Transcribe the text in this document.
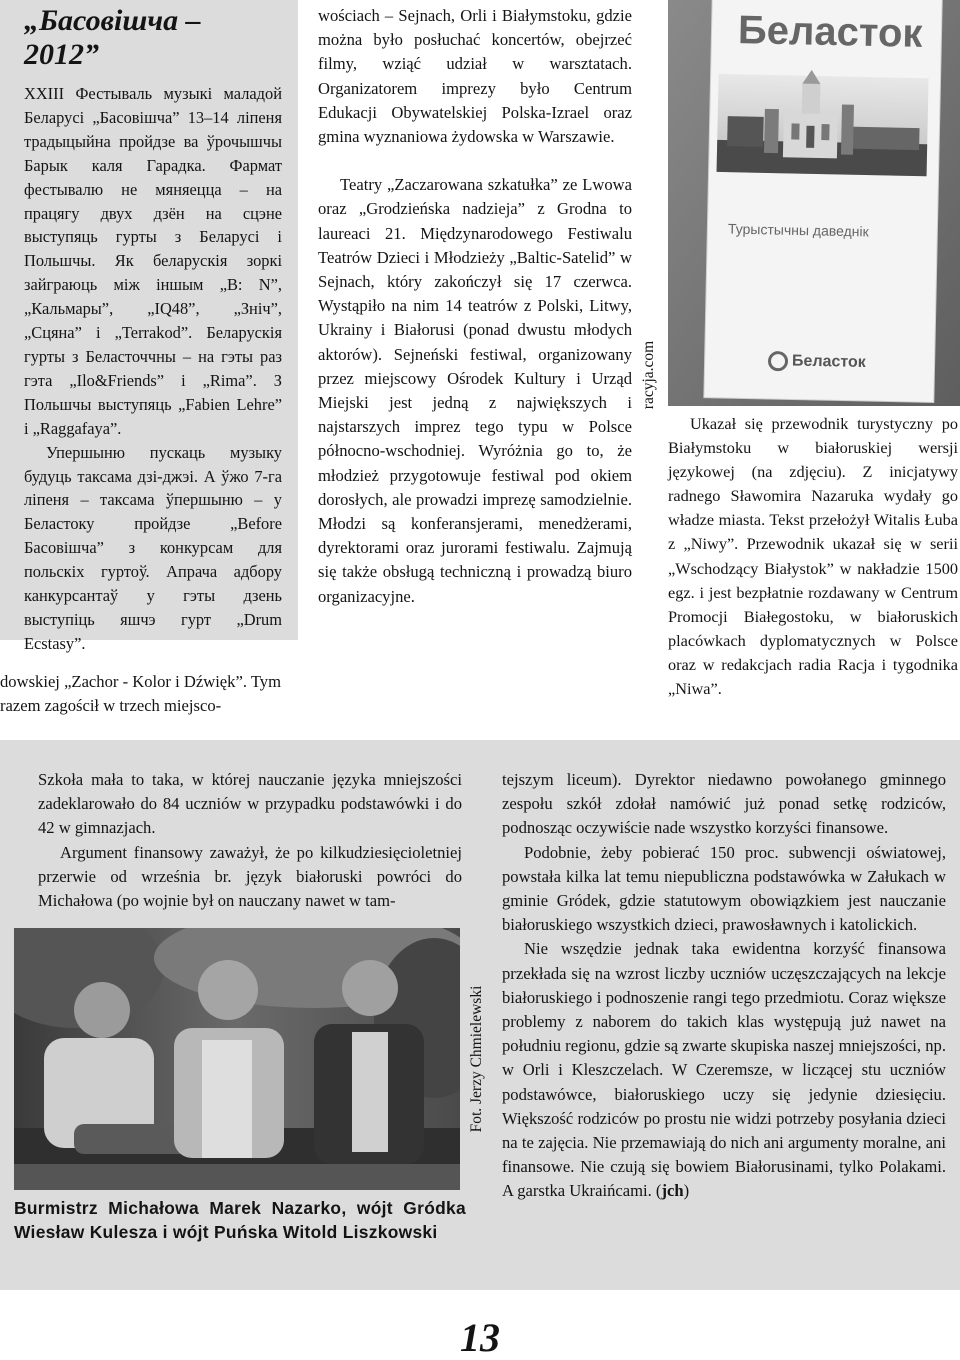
„Басовішча – 2012”

XXIII Фестываль музыкі маладой Беларусі „Басовішча” 13–14 ліпеня традыцыйна пройдзе ва ўрочышчы Барык каля Гарадка. Фармат фестывалю не мяняецца – на працягу двух дзён на сцэне выступяць гурты з Беларусі і Польшчы. Як беларускія зоркі зайграюць між іншым „B: N”, „Кальмары”, „IQ48”, „Зніч”, „Сцяна” і „Terrakod”. Беларускія гурты з Беласточчны – на гэты раз гэта „Ilo&Friends” і „Rima”. З Польшчы выступяць „Fabien Lehre” і „Raggafaya”.

Упершыню пускаць музыку будуць таксама дзі-джэі. А ўжо 7-га ліпеня – таксама ўпершыню – у Беластоку пройдзе „Before Басовішча” з конкурсам для польскіх гуртоў. Апрача адбору канкурсантаў у гэты дзень выступіць яшчэ гурт „Drum Ecstasy”.

dowskiej „Zachor - Kolor i Dźwięk”. Tym razem zagościł w trzech miejsco-

wościach – Sejnach, Orli i Białymstoku, gdzie można było posłuchać koncertów, obejrzeć filmy, wziąć udział w warsztatach. Organizatorem imprezy było Centrum Edukacji Obywatelskiej Polska-Izrael oraz gmina wyznaniowa żydowska w Warszawie.

Teatry „Zaczarowana szkatułka” ze Lwowa oraz „Grodzieńska nadzieja” z Grodna to laureaci 21. Międzynarodowego Festiwalu Teatrów Dzieci i Młodzieży „Baltic-Satelid” w Sejnach, który zakończył się 17 czerwca. Wystąpiło na nim 14 teatrów z Polski, Litwy, Ukrainy i Białorusi (ponad dwustu młodych aktorów). Sejneński festiwal, organizowany przez miejscowy Ośrodek Kultury i Urząd Miejski jest jedną z największych i najstarszych imprez tego typu w Polsce północno-wschodniej. Wyróżnia go to, że młodzież przygotowuje festiwal pod okiem dorosłych, ale prowadzi imprezę samodzielnie. Młodzi są konferansjerami, menedżerami, dyrektorami oraz jurorami festiwalu. Zajmują się także obsługą techniczną i prowadzą biuro organizacyjne.

Беласток
Турыстычны даведнік
Беласток
racyja.com

Ukazał się przewodnik turystyczny po Białymstoku w białoruskiej wersji językowej (na zdjęciu). Z inicjatywy radnego Sławomira Nazaruka wydały go władze miasta. Tekst przełożył Witalis Łuba z „Niwy”. Przewodnik ukazał się w serii „Wschodzący Białystok” w nakładzie 1500 egz. i jest bezpłatnie rozdawany w Centrum Promocji Białegostoku, w białoruskich placówkach dyplomatycznych w Polsce oraz w redakcjach radia Racja i tygodnika „Niwa”.

Szkoła mała to taka, w której nauczanie języka mniejszości zadeklarowało do 84 uczniów w przypadku podstawówki i do 42 w gimnazjach.

Argument finansowy zaważył, że po kilkudziesięcioletniej przerwie od września br. język białoruski powróci do Michałowa (po wojnie był on nauczany nawet w tam-

Fot. Jerzy Chmielewski

Burmistrz Michałowa Marek Nazarko, wójt Gródka Wiesław Kulesza i wójt Puńska Witold Liszkowski

tejszym liceum). Dyrektor niedawno powołanego gminnego zespołu szkół zdołał namówić już ponad setkę rodziców, podnosząc oczywiście nade wszystko korzyści finansowe.

Podobnie, żeby pobierać 150 proc. subwencji oświatowej, powstała kilka lat temu niepubliczna podstawówka w Załukach w gminie Gródek, gdzie statutowym obowiązkiem jest nauczanie białoruskiego wszystkich dzieci, prawosławnych i katolickich.

Nie wszędzie jednak taka ewidentna korzyść finansowa przekłada się na wzrost liczby uczniów uczęszczających na lekcje białoruskiego i podnoszenie rangi tego przedmiotu. Coraz większe problemy z naborem do takich klas występują już nawet na południu regionu, gdzie są zwarte skupiska naszej mniejszości, np. w Orli i Kleszczelach. W Czeremsze, w liczącej stu uczniów podstawówce, białoruskiego uczy się jedynie dziesięciu. Większość rodziców po prostu nie widzi potrzeby posyłania dzieci na te zajęcia. Nie przemawiają do nich ani argumenty moralne, ani finansowe. Nie czują się bowiem Białorusinami, tylko Polakami. A garstka Ukraińcami. (jch)

13
